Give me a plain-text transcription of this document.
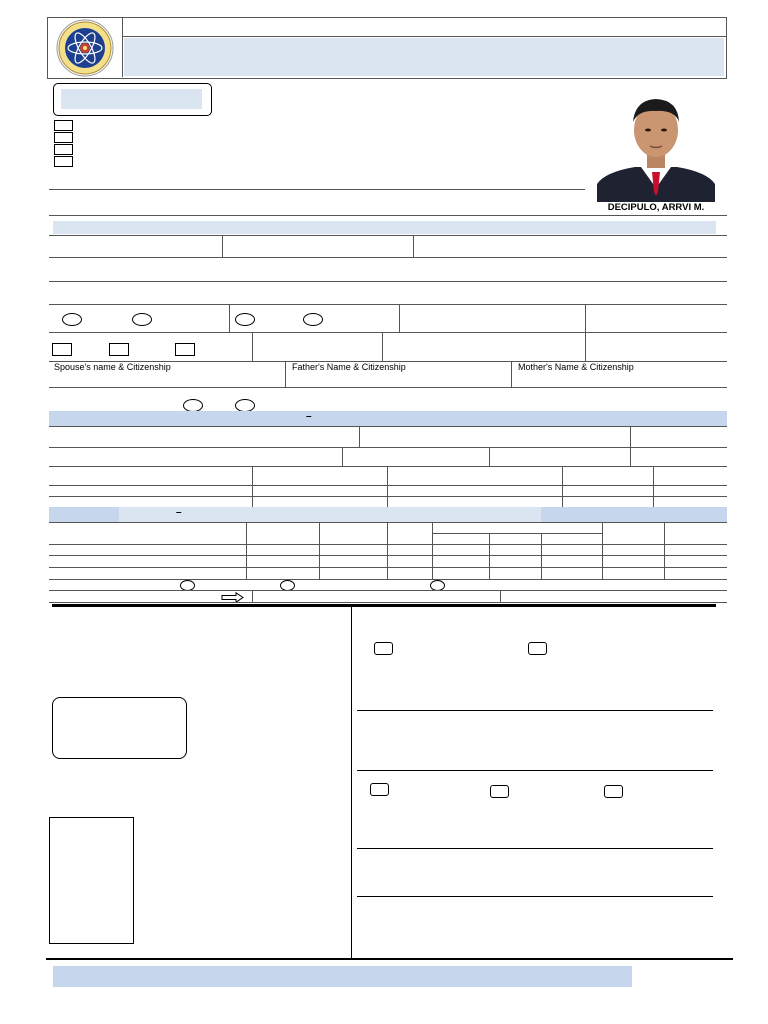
DECIPULO, ARRVI M.
Spouse's name & Citizenship	Father's Name & Citizenship	Mother's Name & Citizenship
–
–
